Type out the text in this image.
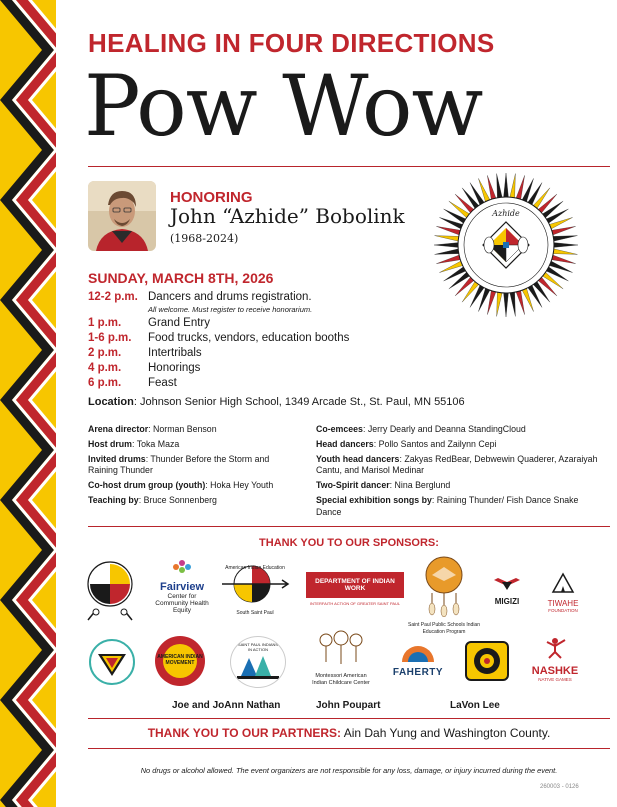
HEALING IN FOUR DIRECTIONS
Pow Wow
HONORING
John “Azhide” Bobolink
(1968-2024)
Azhide
SUNDAY, MARCH 8TH, 2026
12-2 p.m. Dancers and drums registration.
All welcome. Must register to receive honorarium.
1 p.m.	Grand Entry
1-6 p.m.	Food trucks, vendors, education booths
2 p.m.	Intertribals
4 p.m.	Honorings
6 p.m.	Feast
Location: Johnson Senior High School, 1349 Arcade St., St. Paul, MN 55106
Arena director: Norman Benson
Host drum: Toka Maza
Invited drums: Thunder Before the Storm and Raining Thunder
Co-host drum group (youth): Hoka Hey Youth
Teaching by: Bruce Sonnenberg
Co-emcees: Jerry Dearly and Deanna StandingCloud
Head dancers: Pollo Santos and Zailynn Cepi
Youth head dancers: Zakyas RedBear, Debwewin Quaderer, Azaraiyah Cantu, and Marisol Medinar
Two-Spirit dancer: Nina Berglund
Special exhibition songs by: Raining Thunder/ Fish Dance Snake Dance
THANK YOU TO OUR SPONSORS:
Fairview
Center for Community Health Equity
American Indian Education
South Saint Paul
DEPARTMENT OF INDIAN WORK
INTERFAITH ACTION OF GREATER SAINT PAUL
Saint Paul Public Schools Indian Education Program
MIGIZI	TIWAHE
FOUNDATION
AMERICAN INDIAN MOVEMENT
SAINT PAUL INDIANS IN ACTION
Montessori American Indian Childcare Center
FAHERTY	NASHKE
NATIVE GAMES
Joe and JoAnn Nathan	John Poupart	LaVon Lee
THANK YOU TO OUR PARTNERS: Ain Dah Yung and Washington County.
No drugs or alcohol allowed. The event organizers are not responsible for any loss, damage, or injury incurred during the event.
260003 - 0126
